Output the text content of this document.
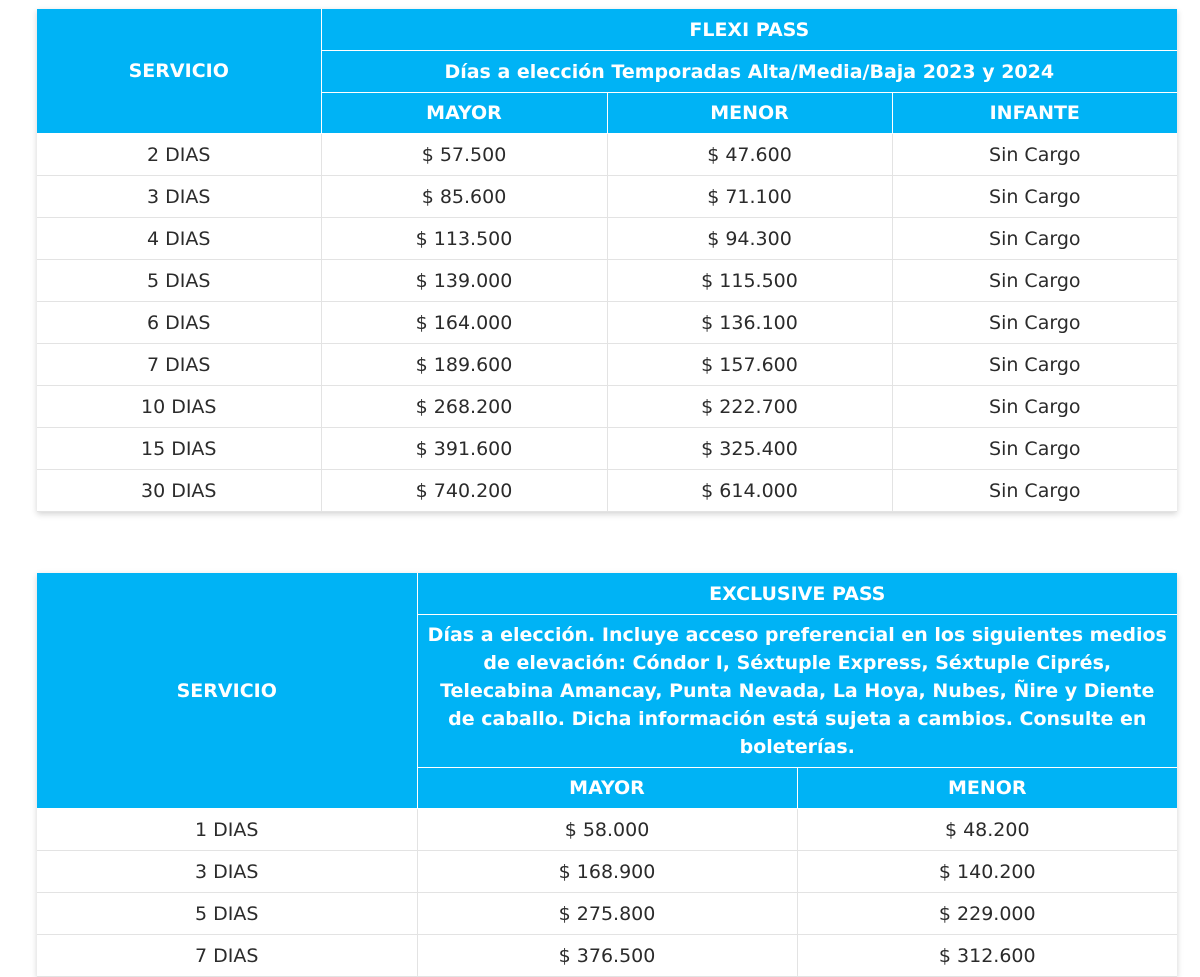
SERVICIO	FLEXI PASS		
	Días a elección Temporadas Alta/Media/Baja 2023 y 2024		
	MAYOR	MENOR	INFANTE
2 DIAS	$ 57.500	$ 47.600	Sin Cargo
3 DIAS	$ 85.600	$ 71.100	Sin Cargo
4 DIAS	$ 113.500	$ 94.300	Sin Cargo
5 DIAS	$ 139.000	$ 115.500	Sin Cargo
6 DIAS	$ 164.000	$ 136.100	Sin Cargo
7 DIAS	$ 189.600	$ 157.600	Sin Cargo
10 DIAS	$ 268.200	$ 222.700	Sin Cargo
15 DIAS	$ 391.600	$ 325.400	Sin Cargo
30 DIAS	$ 740.200	$ 614.000	Sin Cargo
SERVICIO	EXCLUSIVE PASS	
	Días a elección. Incluye acceso preferencial en los siguientes medios de elevación: Cóndor I, Séxtuple Express, Séxtuple Ciprés, Telecabina Amancay, Punta Nevada, La Hoya, Nubes, Ñire y Diente de caballo. Dicha información está sujeta a cambios. Consulte en boleterías.	
	MAYOR	MENOR
1 DIAS	$ 58.000	$ 48.200
3 DIAS	$ 168.900	$ 140.200
5 DIAS	$ 275.800	$ 229.000
7 DIAS	$ 376.500	$ 312.600
